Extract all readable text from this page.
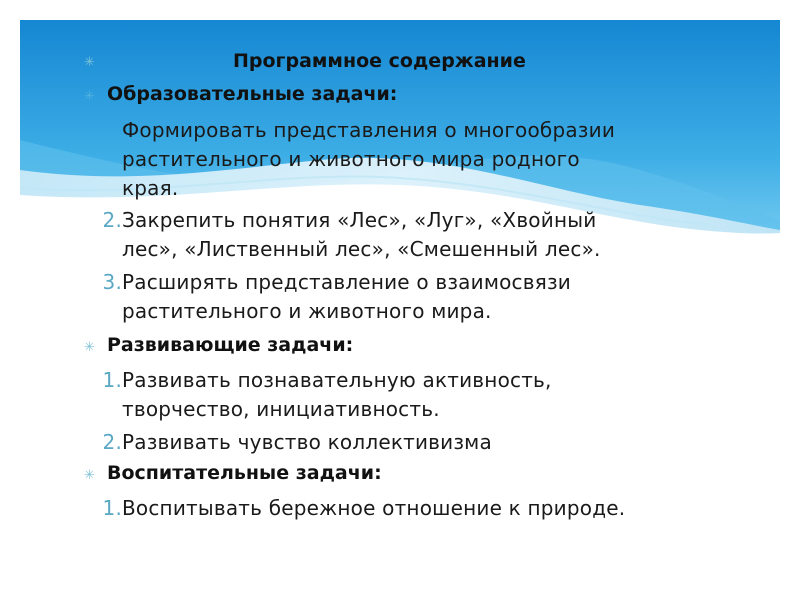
✳	Программное содержание
✳ Образовательные задачи:
Формировать представления о многообразии
растительного и животного мира родного
края.
2.Закрепить понятия «Лес», «Луг», «Хвойный
лес», «Лиственный лес», «Смешенный лес».
3.Расширять представление о взаимосвязи
растительного и животного мира.
✳ Развивающие задачи:
1.Развивать познавательную активность,
творчество, инициативность.
2.Развивать чувство коллективизма
✳ Воспитательные задачи:
1.Воспитывать бережное отношение к природе.
